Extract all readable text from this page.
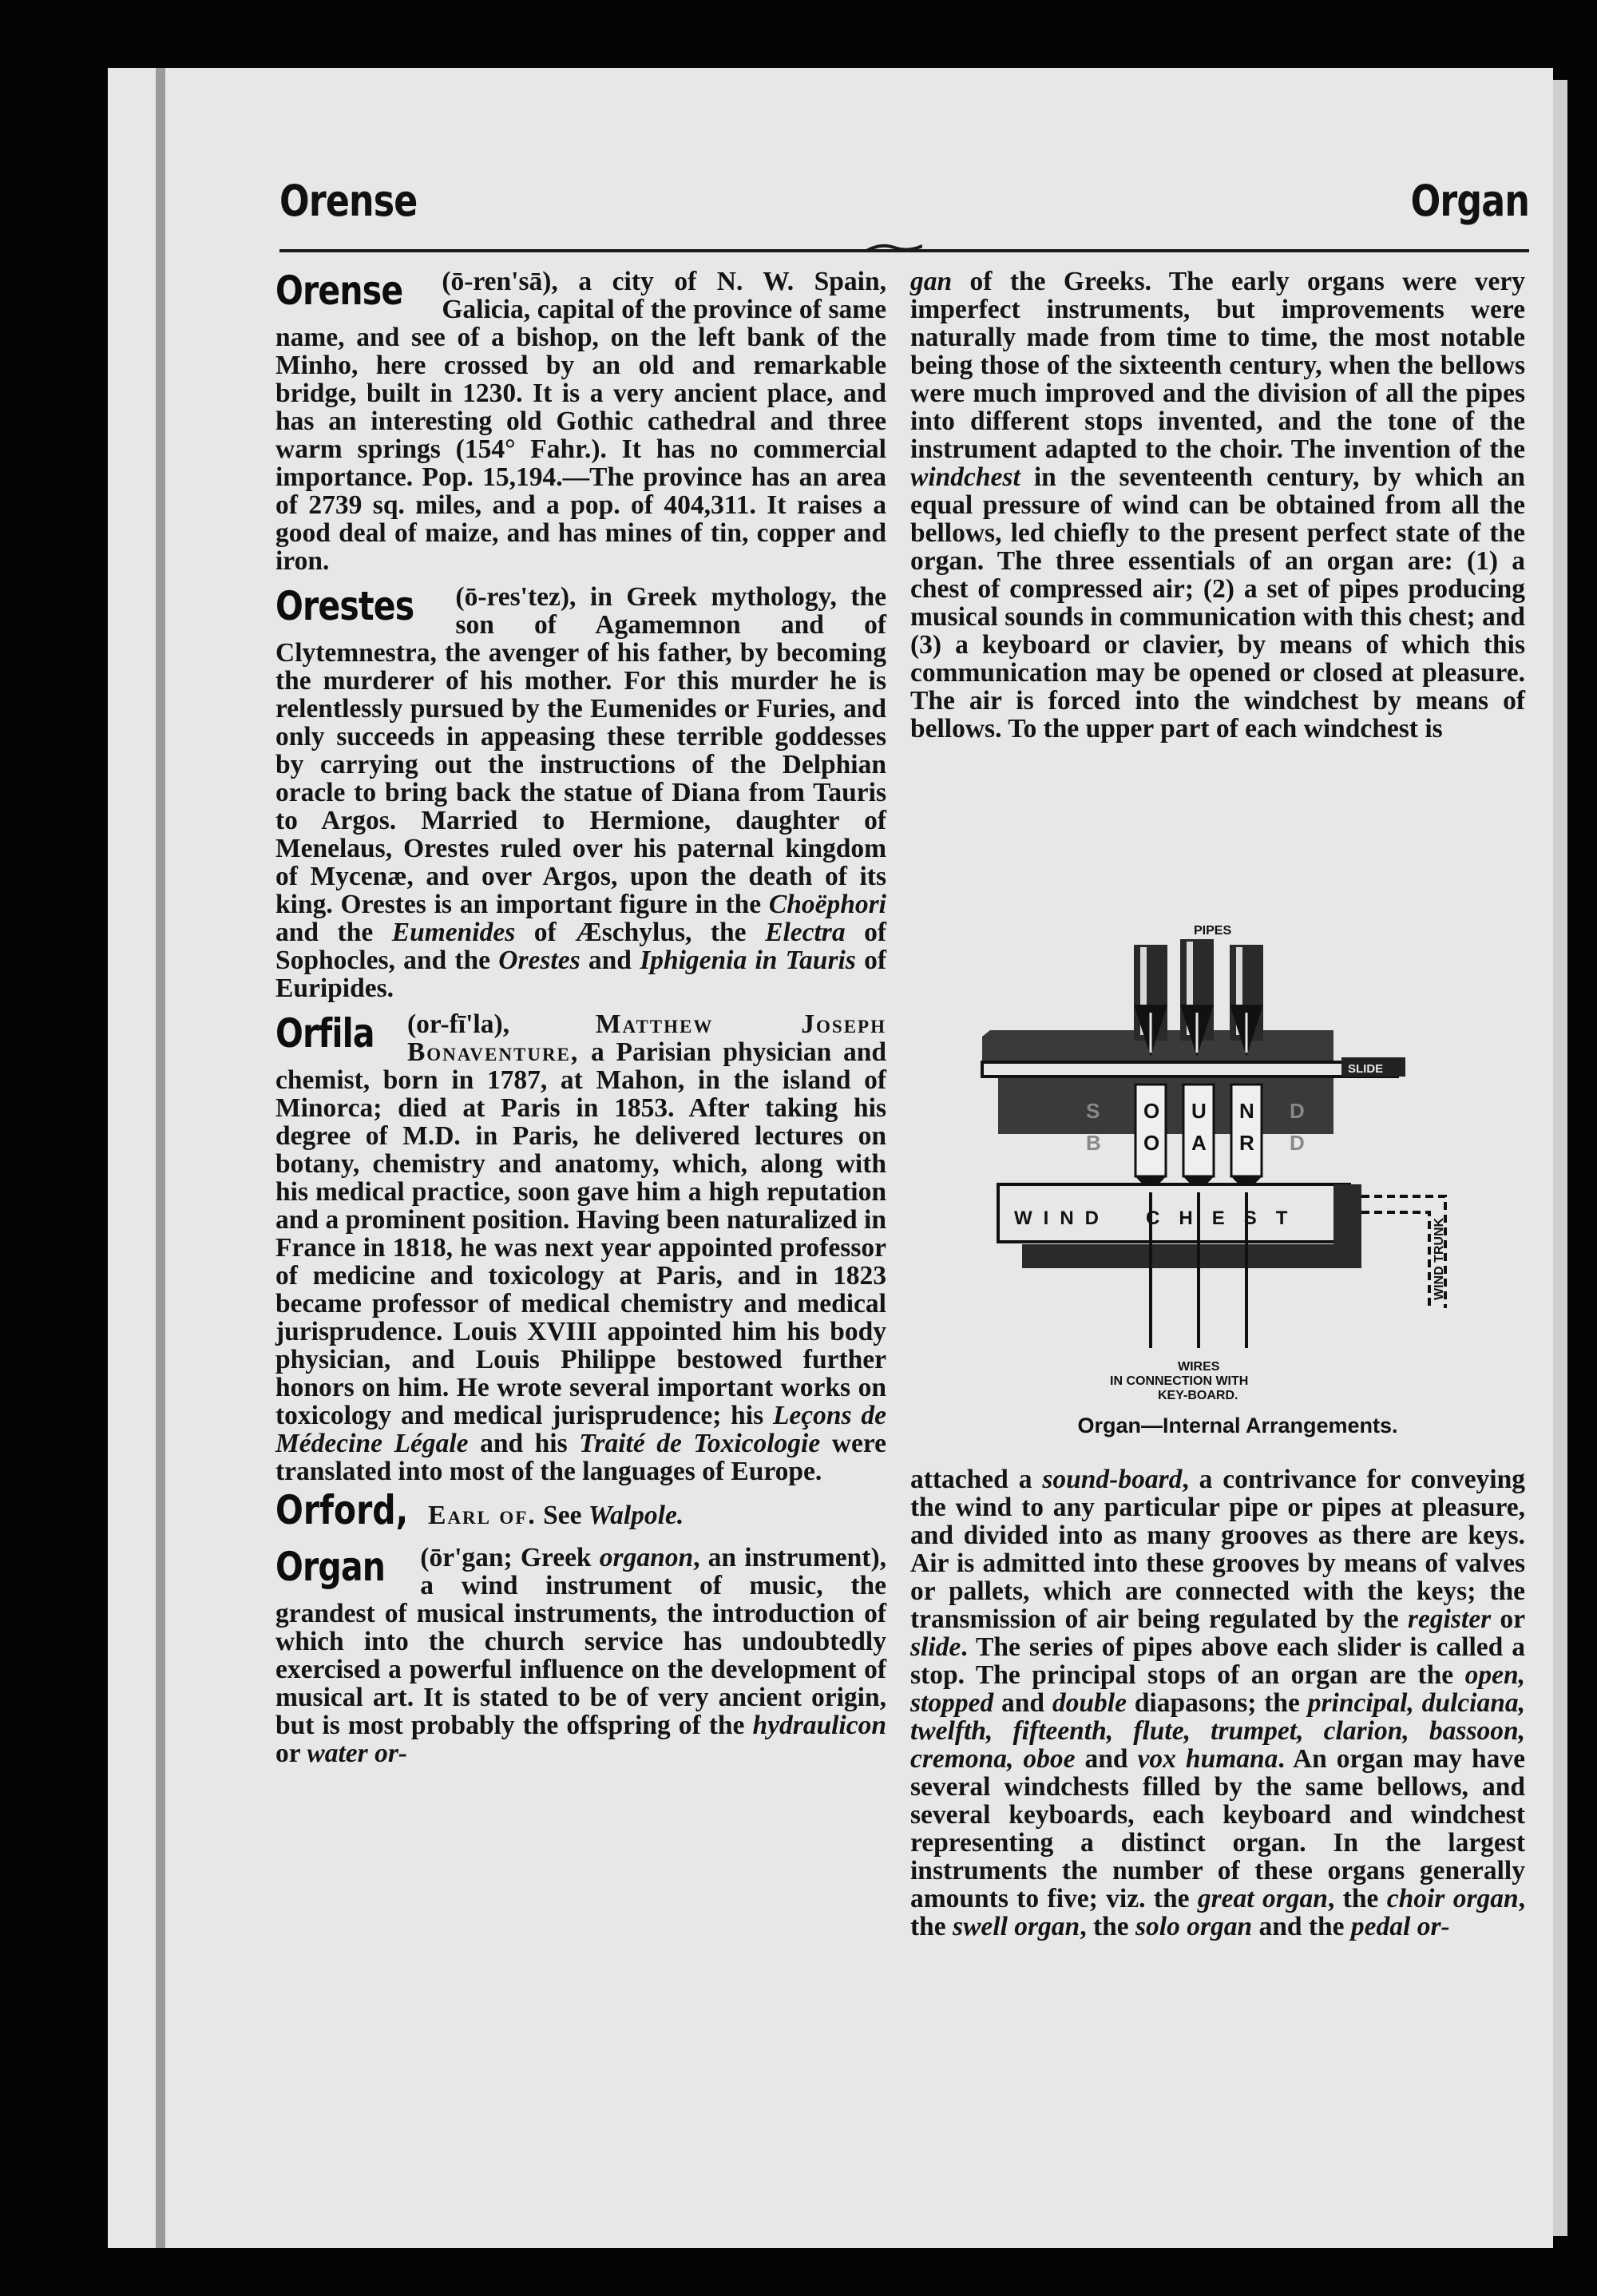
Orense	Organ

Orense (ō-ren'sā), a city of N. W. Spain, Galicia, capital of the province of same name, and see of a bishop, on the left bank of the Minho, here crossed by an old and remarkable bridge, built in 1230. It is a very ancient place, and has an interesting old Gothic cathedral and three warm springs (154° Fahr.). It has no commercial importance. Pop. 15,194.—The province has an area of 2739 sq. miles, and a pop. of 404,311. It raises a good deal of maize, and has mines of tin, copper and iron.

Orestes (ō-res'tez), in Greek mythology, the son of Agamemnon and of Clytemnestra, the avenger of his father, by becoming the murderer of his mother. For this murder he is relentlessly pursued by the Eumenides or Furies, and only succeeds in appeasing these terrible goddesses by carrying out the instructions of the Delphian oracle to bring back the statue of Diana from Tauris to Argos. Married to Hermione, daughter of Menelaus, Orestes ruled over his paternal kingdom of Mycenæ, and over Argos, upon the death of its king. Orestes is an important figure in the Choëphori and the Eumenides of Æschylus, the Electra of Sophocles, and the Orestes and Iphigenia in Tauris of Euripides.

Orfila (or-fī'la),	Matthew Joseph Bonaventure, a Parisian physician and chemist, born in 1787, at Mahon, in the island of Minorca; died at Paris in 1853. After taking his degree of M.D. in Paris, he delivered lectures on botany, chemistry and anatomy, which, along with his medical practice, soon gave him a high reputation and a prominent position. Having been naturalized in France in 1818, he was next year appointed professor of medicine and toxicology at Paris, and in 1823 became professor of medical chemistry and medical jurisprudence. Louis XVIII appointed him his body physician, and Louis Philippe bestowed further honors on him. He wrote several important works on toxicology and medical jurisprudence; his Leçons de Médecine Légale and his Traité de Toxicologie were translated into most of the languages of Europe.

Orford, Earl of. See Walpole.

Organ (ōr'gan; Greek organon, an instrument), a wind instrument of music, the grandest of musical instruments, the introduction of which into the church service has undoubtedly exercised a powerful influence on the development of musical art. It is stated to be of very ancient origin, but is most probably the offspring of the hydraulicon or water or-

gan of the Greeks. The early organs were very imperfect instruments, but improvements were naturally made from time to time, the most notable being those of the sixteenth century, when the bellows were much improved and the division of all the pipes into different stops invented, and the tone of the instrument adapted to the choir. The invention of the windchest in the seventeenth century, by which an equal pressure of wind can be obtained from all the bellows, led chiefly to the present perfect state of the organ. The three essentials of an organ are: (1) a chest of compressed air; (2) a set of pipes producing musical sounds in communication with this chest; and (3) a keyboard or clavier, by means of which this communication may be opened or closed at pleasure. The air is forced into the windchest by means of bellows. To the upper part of each windchest is

PIPES
SLIDE
S O U N D
B O A R D
WIND CHEST	WIND TRUNK
WIRES
IN CONNECTION WITH
KEY-BOARD.
Organ—Internal Arrangements.

attached a sound-board, a contrivance for conveying the wind to any particular pipe or pipes at pleasure, and divided into as many grooves as there are keys. Air is admitted into these grooves by means of valves or pallets, which are connected with the keys; the transmission of air being regulated by the register or slide. The series of pipes above each slider is called a stop. The principal stops of an organ are the open, stopped and double diapasons; the principal, dulciana, twelfth, fifteenth, flute, trumpet, clarion, bassoon, cremona, oboe and vox humana. An organ may have several windchests filled by the same bellows, and several keyboards, each keyboard and windchest representing a distinct organ. In the largest instruments the number of these organs generally amounts to five; viz. the great organ, the choir organ, the swell organ, the solo organ and the pedal or-
